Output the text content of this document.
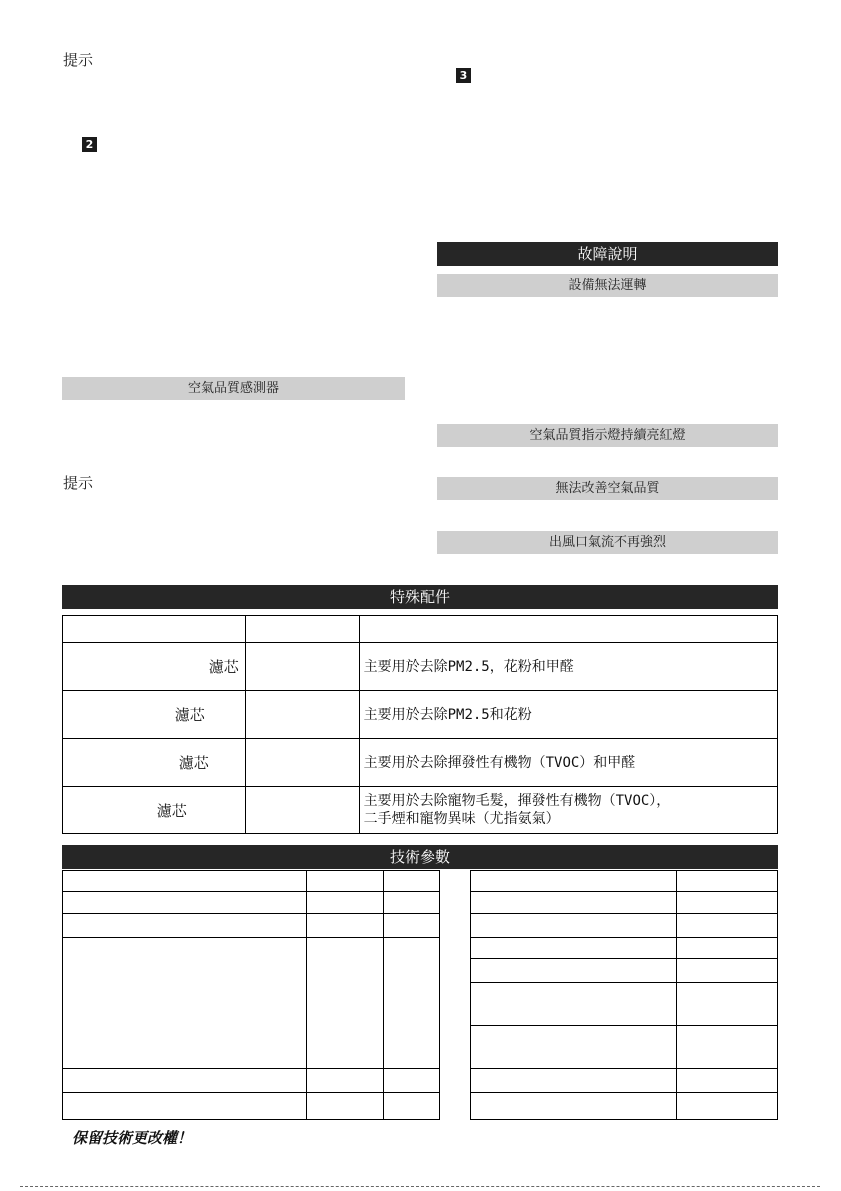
提示
2
空氣品質感測器
提示
3
故障說明
設備無法運轉
空氣品質指示燈持續亮紅燈
無法改善空氣品質
出風口氣流不再強烈
特殊配件

濾芯		主要用於去除PM2.5，花粉和甲醛
濾芯		主要用於去除PM2.5和花粉
濾芯		主要用於去除揮發性有機物（TVOC）和甲醛
濾芯		主要用於去除寵物毛髮，揮發性有機物（TVOC），
二手煙和寵物異味（尤指氨氣）
技術參數

保留技術更改權！
